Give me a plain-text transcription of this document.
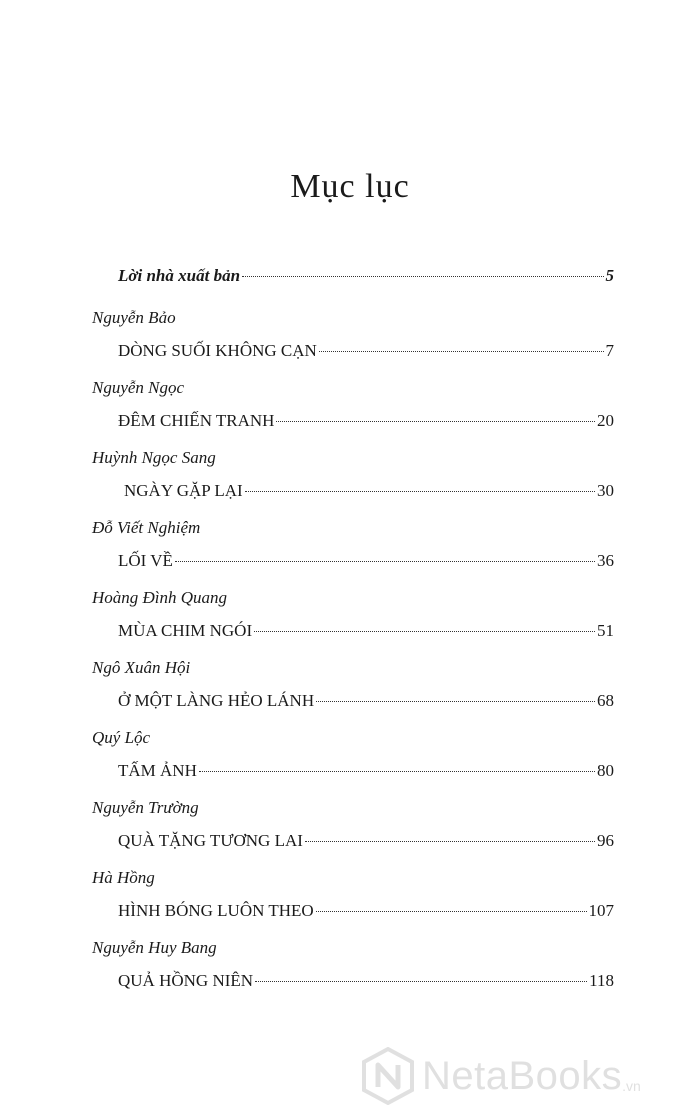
Mục lục
Lời nhà xuất bản	5
Nguyễn Bảo
DÒNG SUỐI KHÔNG CẠN	7
Nguyễn Ngọc
ĐÊM CHIẾN TRANH	20
Huỳnh Ngọc Sang
NGÀY GẶP LẠI	30
Đỗ Viết Nghiệm
LỐI VỀ	36
Hoàng Đình Quang
MÙA CHIM NGÓI	51
Ngô Xuân Hội
Ở MỘT LÀNG HẺO LÁNH	68
Quý Lộc
TẤM ẢNH	80
Nguyễn Trường
QUÀ TẶNG TƯƠNG LAI	96
Hà Hồng
HÌNH BÓNG LUÔN THEO	107
Nguyễn Huy Bang
QUẢ HỒNG NIÊN	118
NetaBooks .vn
